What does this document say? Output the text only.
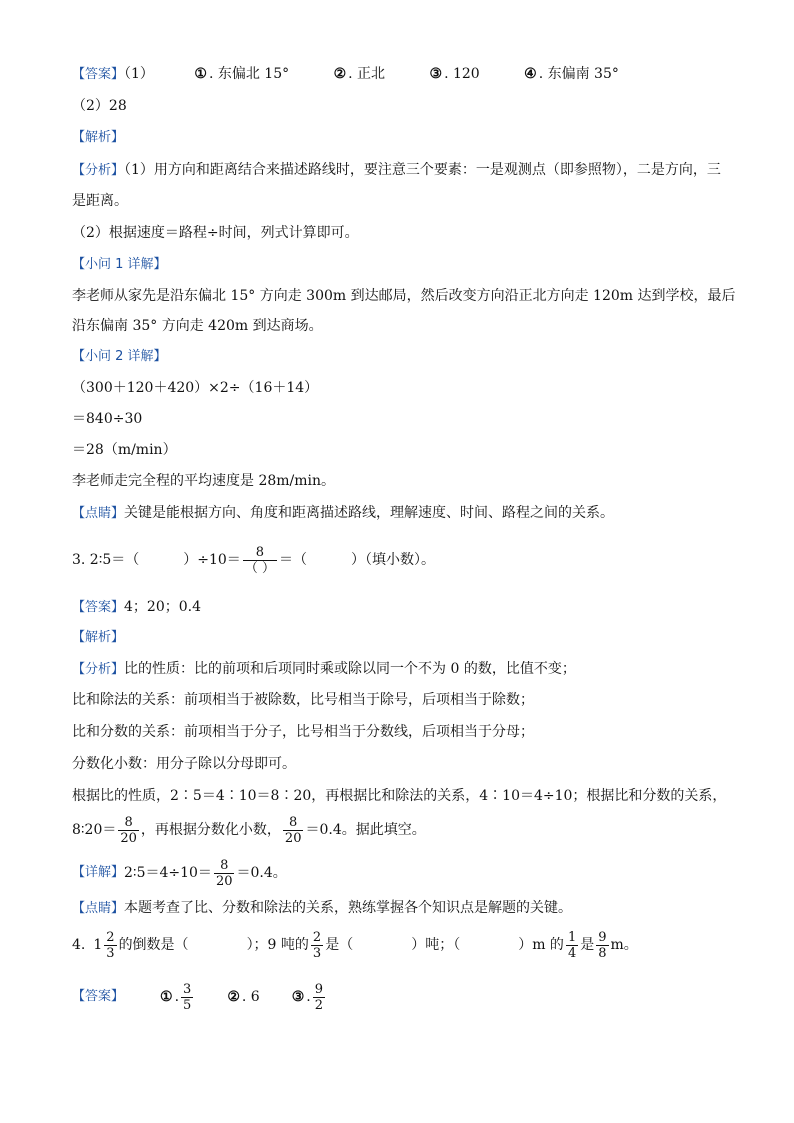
【答案】（1）	① . 东偏北 15°	② . 正北	③ . 120	④ . 东偏南 35°
（2）28
【解析】
【分析】（1）用方向和距离结合来描述路线时，要注意三个要素：一是观测点（即参照物），二是方向，三
是距离。
（2）根据速度＝路程÷时间，列式计算即可。
【小问 1 详解】
李老师从家先是沿东偏北 15° 方向走 300m 到达邮局，然后改变方向沿正北方向走 120m 达到学校，最后
沿东偏南 35° 方向走 420m 到达商场。
【小问 2 详解】
（300＋120＋420）×2÷（16＋14）
＝840÷30
＝28（m/min）
李老师走完全程的平均速度是 28m/min。
【点睛】关键是能根据方向、角度和距离描述路线，理解速度、时间、路程之间的关系。
3. 2∶5＝（	）$\div 10= \frac{8}{( )}$ ＝（	）（填小数）。
【答案】4；20；0.4
【解析】
【分析】比的性质：比的前项和后项同时乘或除以同一个不为 0 的数，比值不变；
比和除法的关系：前项相当于被除数，比号相当于除号，后项相当于除数；
比和分数的关系：前项相当于分子，比号相当于分数线，后项相当于分母；
分数化小数：用分子除以分母即可。
根据比的性质，2∶5＝4∶10＝8∶20，再根据比和除法的关系，4∶10＝4÷10；根据比和分数的关系，
8∶20＝ $\frac{8}{20}$ ，再根据分数化小数， $\frac{8}{20} =0.4$。据此填空。
【详解】 2∶5＝4÷10＝ $\frac{8}{20} =0.4$。
【点睛】本题考查了比、分数和除法的关系，熟练掌握各个知识点是解题的关键。
4. $1 \frac{2}{3}$ 的倒数是（	）；9 吨的 $\frac{2}{3}$ 是（	）吨；（	）m 的 $\frac{1}{4}$ 是 $\frac{9}{8}$ m。
【答案】	① . $\frac{3}{5}$ ② . 6 ③ . $\frac{9}{2}$
